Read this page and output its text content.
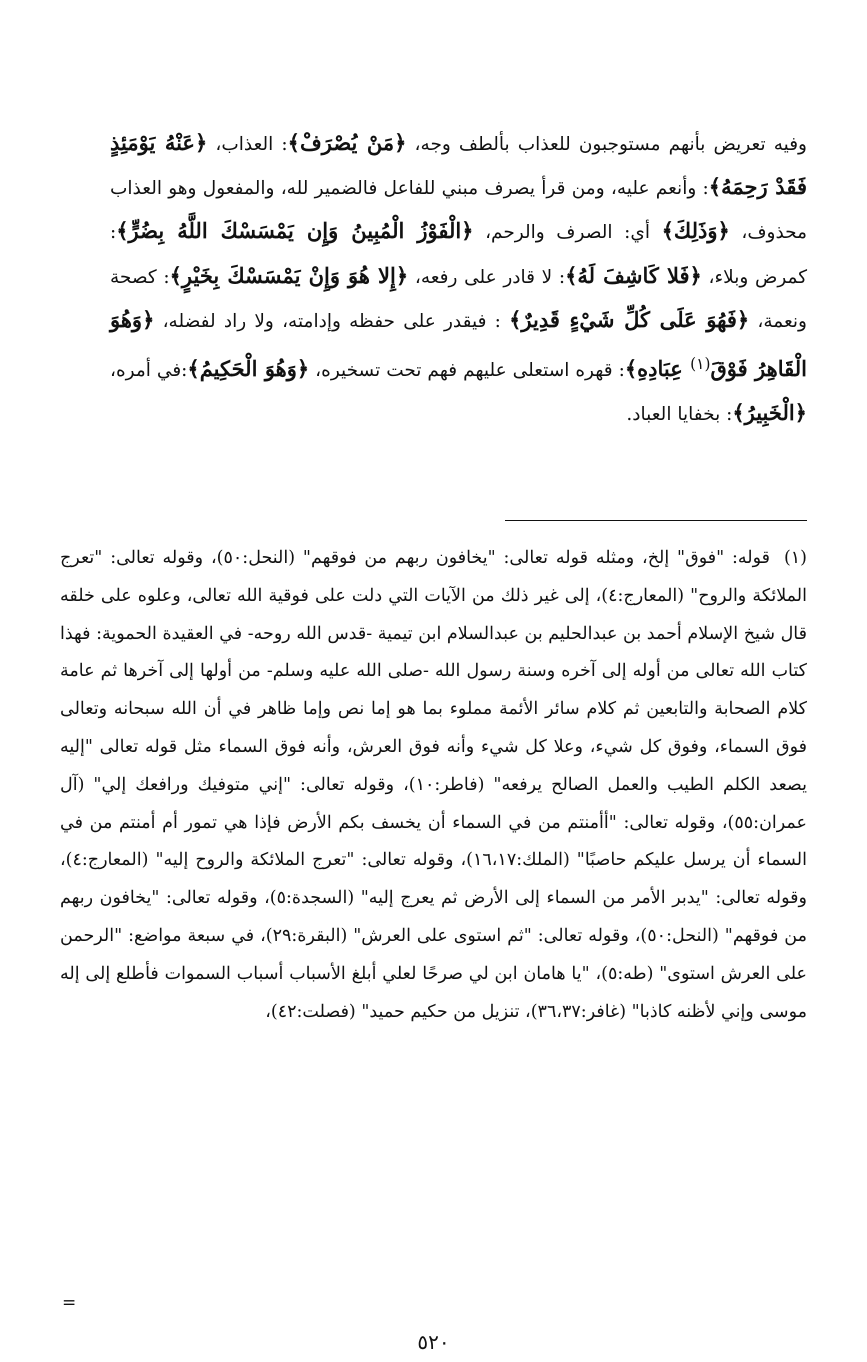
وفيه تعريض بأنهم مستوجبون للعذاب بألطف وجه، ﴿مَنْ يُصْرَفْ﴾: العذاب، ﴿عَنْهُ يَوْمَئِذٍ فَقَدْ رَحِمَهُ﴾: وأنعم عليه، ومن قرأ يصرف مبني للفاعل فالضمير لله، والمفعول وهو العذاب محذوف، ﴿وَذَلِكَ﴾ أي: الصرف والرحم، ﴿الْفَوْزُ الْمُبِينُ وَإِن يَمْسَسْكَ اللَّهُ بِضُرٍّ﴾: كمرض وبلاء، ﴿فَلا كَاشِفَ لَهُ﴾: لا قادر على رفعه، ﴿إِلا هُوَ وَإِنْ يَمْسَسْكَ بِخَيْرٍ﴾: كصحة ونعمة، ﴿فَهُوَ عَلَى كُلِّ شَيْءٍ قَدِيرٌ﴾ : فيقدر على حفظه وإدامته، ولا راد لفضله، ﴿وَهُوَ الْقَاهِرُ فَوْقَ$^{(١)}$ عِبَادِهِ﴾: قهره استعلى عليهم فهم تحت تسخيره، ﴿وَهُوَ الْحَكِيمُ﴾:في أمره، ﴿الْخَبِيرُ﴾: بخفايا العباد.
(١) قوله: "فوق" إلخ، ومثله قوله تعالى: "يخافون ربهم من فوقهم" (النحل:٥٠)، وقوله تعالى: "تعرج الملائكة والروح" (المعارج:٤)، إلى غير ذلك من الآيات التي دلت على فوقية الله تعالى، وعلوه على خلقه قال شيخ الإسلام أحمد بن عبدالحليم بن عبدالسلام ابن تيمية -قدس الله روحه- في العقيدة الحموية: فهذا كتاب الله تعالى من أوله إلى آخره وسنة رسول الله -صلى الله عليه وسلم- من أولها إلى آخرها ثم عامة كلام الصحابة والتابعين ثم كلام سائر الأئمة مملوء بما هو إما نص وإما ظاهر في أن الله سبحانه وتعالى فوق السماء، وفوق كل شيء، وعلا كل شيء وأنه فوق العرش، وأنه فوق السماء مثل قوله تعالى "إليه يصعد الكلم الطيب والعمل الصالح يرفعه" (فاطر:١٠)، وقوله تعالى: "إني متوفيك ورافعك إلي" (آل عمران:٥٥)، وقوله تعالى: "أأمنتم من في السماء أن يخسف بكم الأرض فإذا هي تمور أم أمنتم من في السماء أن يرسل عليكم حاصبًا" (الملك:١٦،١٧)، وقوله تعالى: "تعرج الملائكة والروح إليه" (المعارج:٤)، وقوله تعالى: "يدبر الأمر من السماء إلى الأرض ثم يعرج إليه" (السجدة:٥)، وقوله تعالى: "يخافون ربهم من فوقهم" (النحل:٥٠)، وقوله تعالى: "ثم استوى على العرش" (البقرة:٢٩)، في سبعة مواضع: "الرحمن على العرش استوى" (طه:٥)، "يا هامان ابن لي صرحًا لعلي أبلغ الأسباب أسباب السموات فأطلع إلى إله موسى وإني لأظنه كاذبا" (غافر:٣٦،٣٧)، تنزيل من حكيم حميد" (فصلت:٤٢)،
=
٥٢٠
